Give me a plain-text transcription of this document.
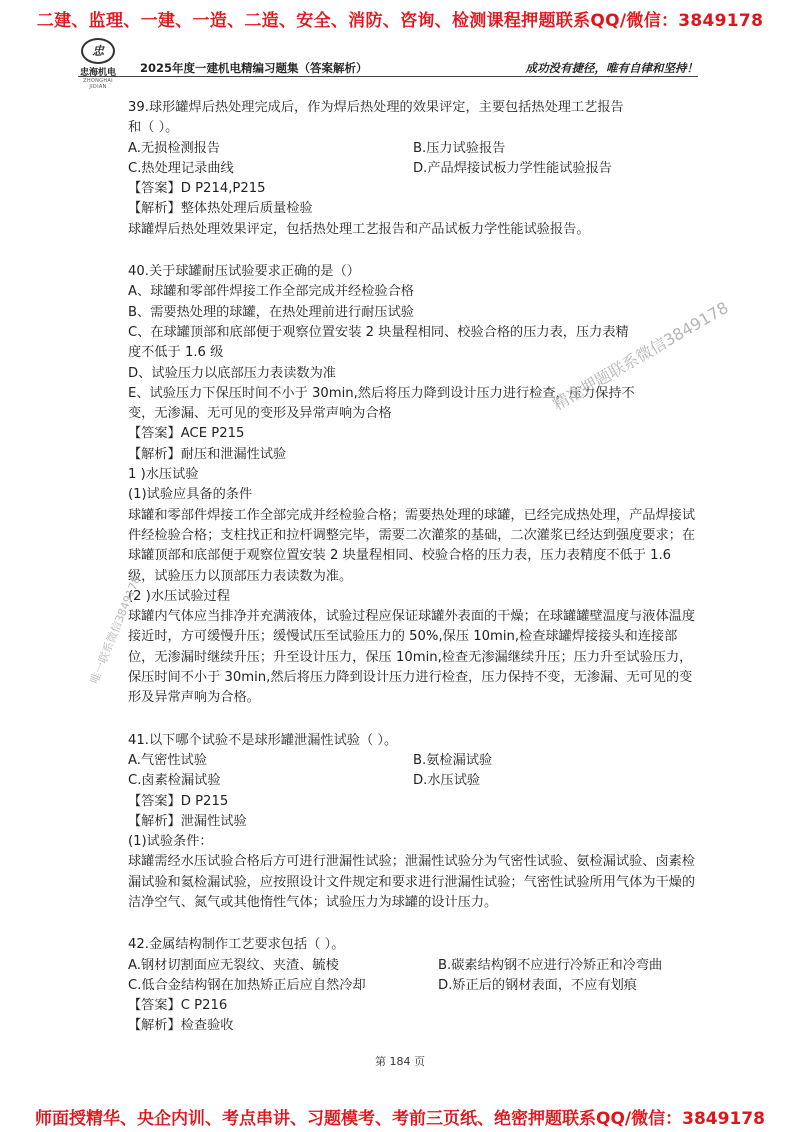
二建、监理、一建、一造、二造、安全、消防、咨询、检测课程押题联系QQ/微信：3849178
忠
忠海机电
ZHONGHAI JIDIAN
2025年度一建机电精编习题集（答案解析）	成功没有捷径，唯有自律和坚持！

39.球形罐焊后热处理完成后，作为焊后热处理的效果评定，主要包括热处理工艺报告

和（ ）。

A.无损检测报告	B.压力试验报告
C.热处理记录曲线	D.产品焊接试板力学性能试验报告

【答案】D P214,P215

【解析】整体热处理后质量检验

球罐焊后热处理效果评定，包括热处理工艺报告和产品试板力学性能试验报告。

40.关于球罐耐压试验要求正确的是（）

A、球罐和零部件焊接工作全部完成并经检验合格

B、需要热处理的球罐，在热处理前进行耐压试验

C、在球罐顶部和底部便于观察位置安装 2 块量程相同、校验合格的压力表，压力表精

度不低于 1.6 级

D、试验压力以底部压力表读数为准

E、试验压力下保压时间不小于 30min,然后将压力降到设计压力进行检查，压力保持不

变，无渗漏、无可见的变形及异常声响为合格

【答案】ACE P215

【解析】耐压和泄漏性试验

1 )水压试验

(1)试验应具备的条件

球罐和零部件焊接工作全部完成并经检验合格；需要热处理的球罐，已经完成热处理，产品焊接试件经检验合格；支柱找正和拉杆调整完毕，需要二次灌浆的基础，二次灌浆已经达到强度要求；在球罐顶部和底部便于观察位置安装 2 块量程相同、校验合格的压力表，压力表精度不低于 1.6 级，试验压力以顶部压力表读数为准。

(2 )水压试验过程

球罐内气体应当排净并充满液体，试验过程应保证球罐外表面的干燥；在球罐罐壁温度与液体温度接近时，方可缓慢升压；缓慢试压至试验压力的 50%,保压 10min,检查球罐焊接接头和连接部位，无渗漏时继续升压；升至设计压力，保压 10min,检查无渗漏继续升压；压力升至试验压力，保压时间不小于 30min,然后将压力降到设计压力进行检查，压力保持不变，无渗漏、无可见的变形及异常声响为合格。

41.以下哪个试验不是球形罐泄漏性试验（ ）。

A.气密性试验	B.氨检漏试验
C.卤素检漏试验	D.水压试验

【答案】D P215

【解析】泄漏性试验

(1)试验条件：

球罐需经水压试验合格后方可进行泄漏性试验；泄漏性试验分为气密性试验、氨检漏试验、卤素检漏试验和氦检漏试验，应按照设计文件规定和要求进行泄漏性试验；气密性试验所用气体为干燥的洁净空气、氮气或其他惰性气体；试验压力为球罐的设计压力。

42.金属结构制作工艺要求包括（ ）。

A.钢材切割面应无裂纹、夹渣、毓棱	B.碳素结构钢不应进行冷矫正和冷弯曲
C.低合金结构钢在加热矫正后应自然冷却	D.矫正后的钢材表面，不应有划痕

【答案】C P216

【解析】检查验收

精准押题联系微信3849178
唯一联系微信3849178
第 184 页
师面授精华、央企内训、考点串讲、习题模考、考前三页纸、绝密押题联系QQ/微信：3849178
